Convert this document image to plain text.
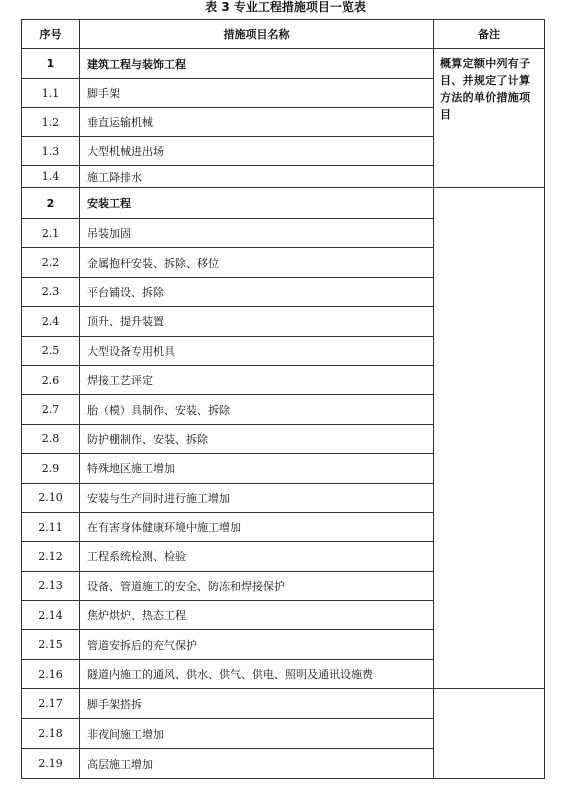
表 3 专业工程措施项目一览表
序号	措施项目名称	备注
1	建筑工程与装饰工程	概算定额中列有子目、并规定了计算方法的单价措施项目
1.1	脚手架	
1.2	垂直运输机械	
1.3	大型机械进出场	
1.4	施工降排水	
2	安装工程	
2.1	吊装加固	
2.2	金属抱杆安装、拆除、移位	
2.3	平台铺设、拆除	
2.4	顶升、提升装置	
2.5	大型设备专用机具	
2.6	焊接工艺评定	
2.7	胎（模）具制作、安装、拆除	
2.8	防护棚制作、安装、拆除	
2.9	特殊地区施工增加	
2.10	安装与生产同时进行施工增加	
2.11	在有害身体健康环境中施工增加	
2.12	工程系统检测、检验	
2.13	设备、管道施工的安全、防冻和焊接保护	
2.14	焦炉烘炉、热态工程	
2.15	管道安拆后的充气保护	
2.16	隧道内施工的通风、供水、供气、供电、照明及通讯设施费	
2.17	脚手架搭拆	
2.18	非夜间施工增加	
2.19	高层施工增加	
